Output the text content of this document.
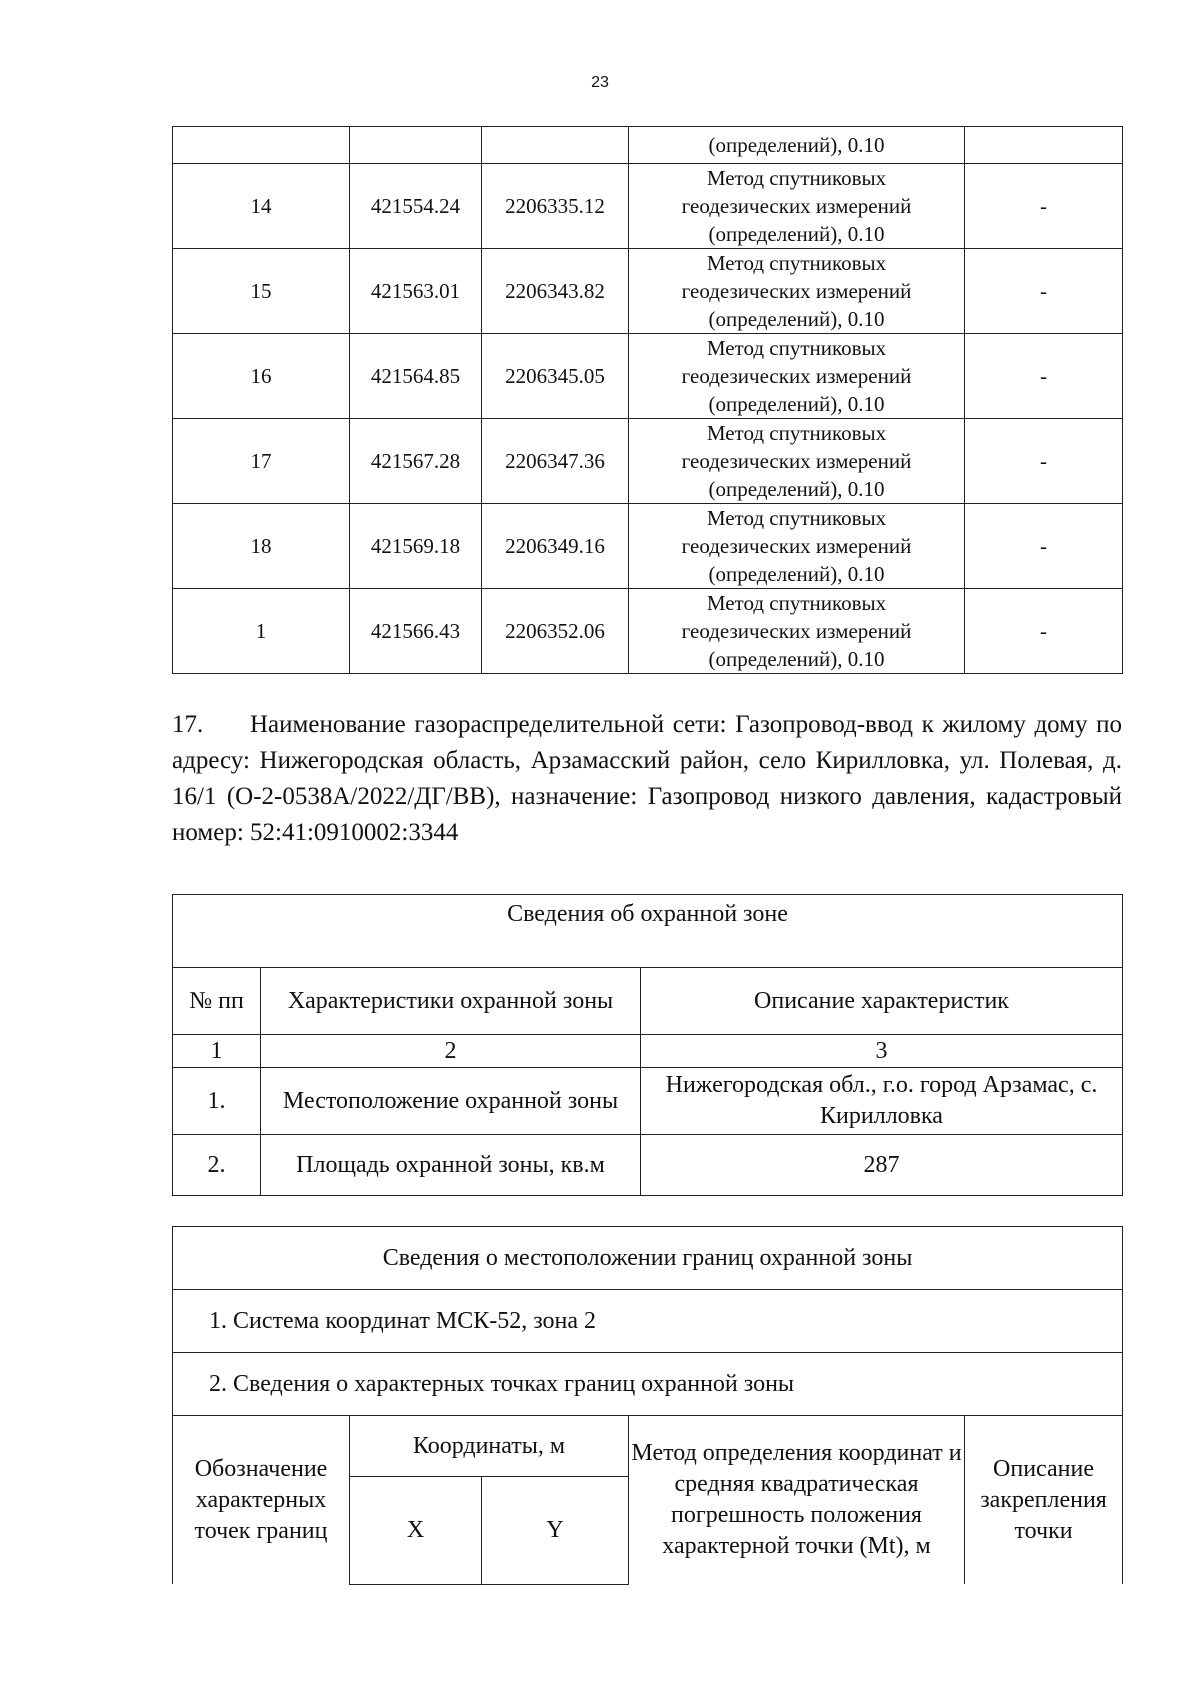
23
			(определений), 0.10	
14	421554.24	2206335.12	Метод спутниковых
геодезических измерений
(определений), 0.10	-
15	421563.01	2206343.82	Метод спутниковых
геодезических измерений
(определений), 0.10	-
16	421564.85	2206345.05	Метод спутниковых
геодезических измерений
(определений), 0.10	-
17	421567.28	2206347.36	Метод спутниковых
геодезических измерений
(определений), 0.10	-
18	421569.18	2206349.16	Метод спутниковых
геодезических измерений
(определений), 0.10	-
1	421566.43	2206352.06	Метод спутниковых
геодезических измерений
(определений), 0.10	-
17. Наименование газораспределительной сети: Газопровод-ввод к жилому дому по адресу: Нижегородская область, Арзамасский район, село Кирилловка, ул. Полевая, д. 16/1 (О-2-0538А/2022/ДГ/ВВ), назначение: Газопровод низкого давления, кадастровый номер: 52:41:0910002:3344
Сведения об охранной зоне		
№ пп	Характеристики охранной зоны	Описание характеристик
1	2	3
1.	Местоположение охранной зоны	Нижегородская обл., г.о. город Арзамас, с. Кирилловка
2.	Площадь охранной зоны, кв.м	287
Сведения о местоположении границ охранной зоны				
1. Система координат МСК-52, зона 2				
2. Сведения о характерных точках границ охранной зоны				
Обозначение характерных точек границ	Координаты, м		Метод определения координат и средняя квадратическая погрешность положения характерной точки (Mt), м	Описание закрепления точки
	X	Y		
